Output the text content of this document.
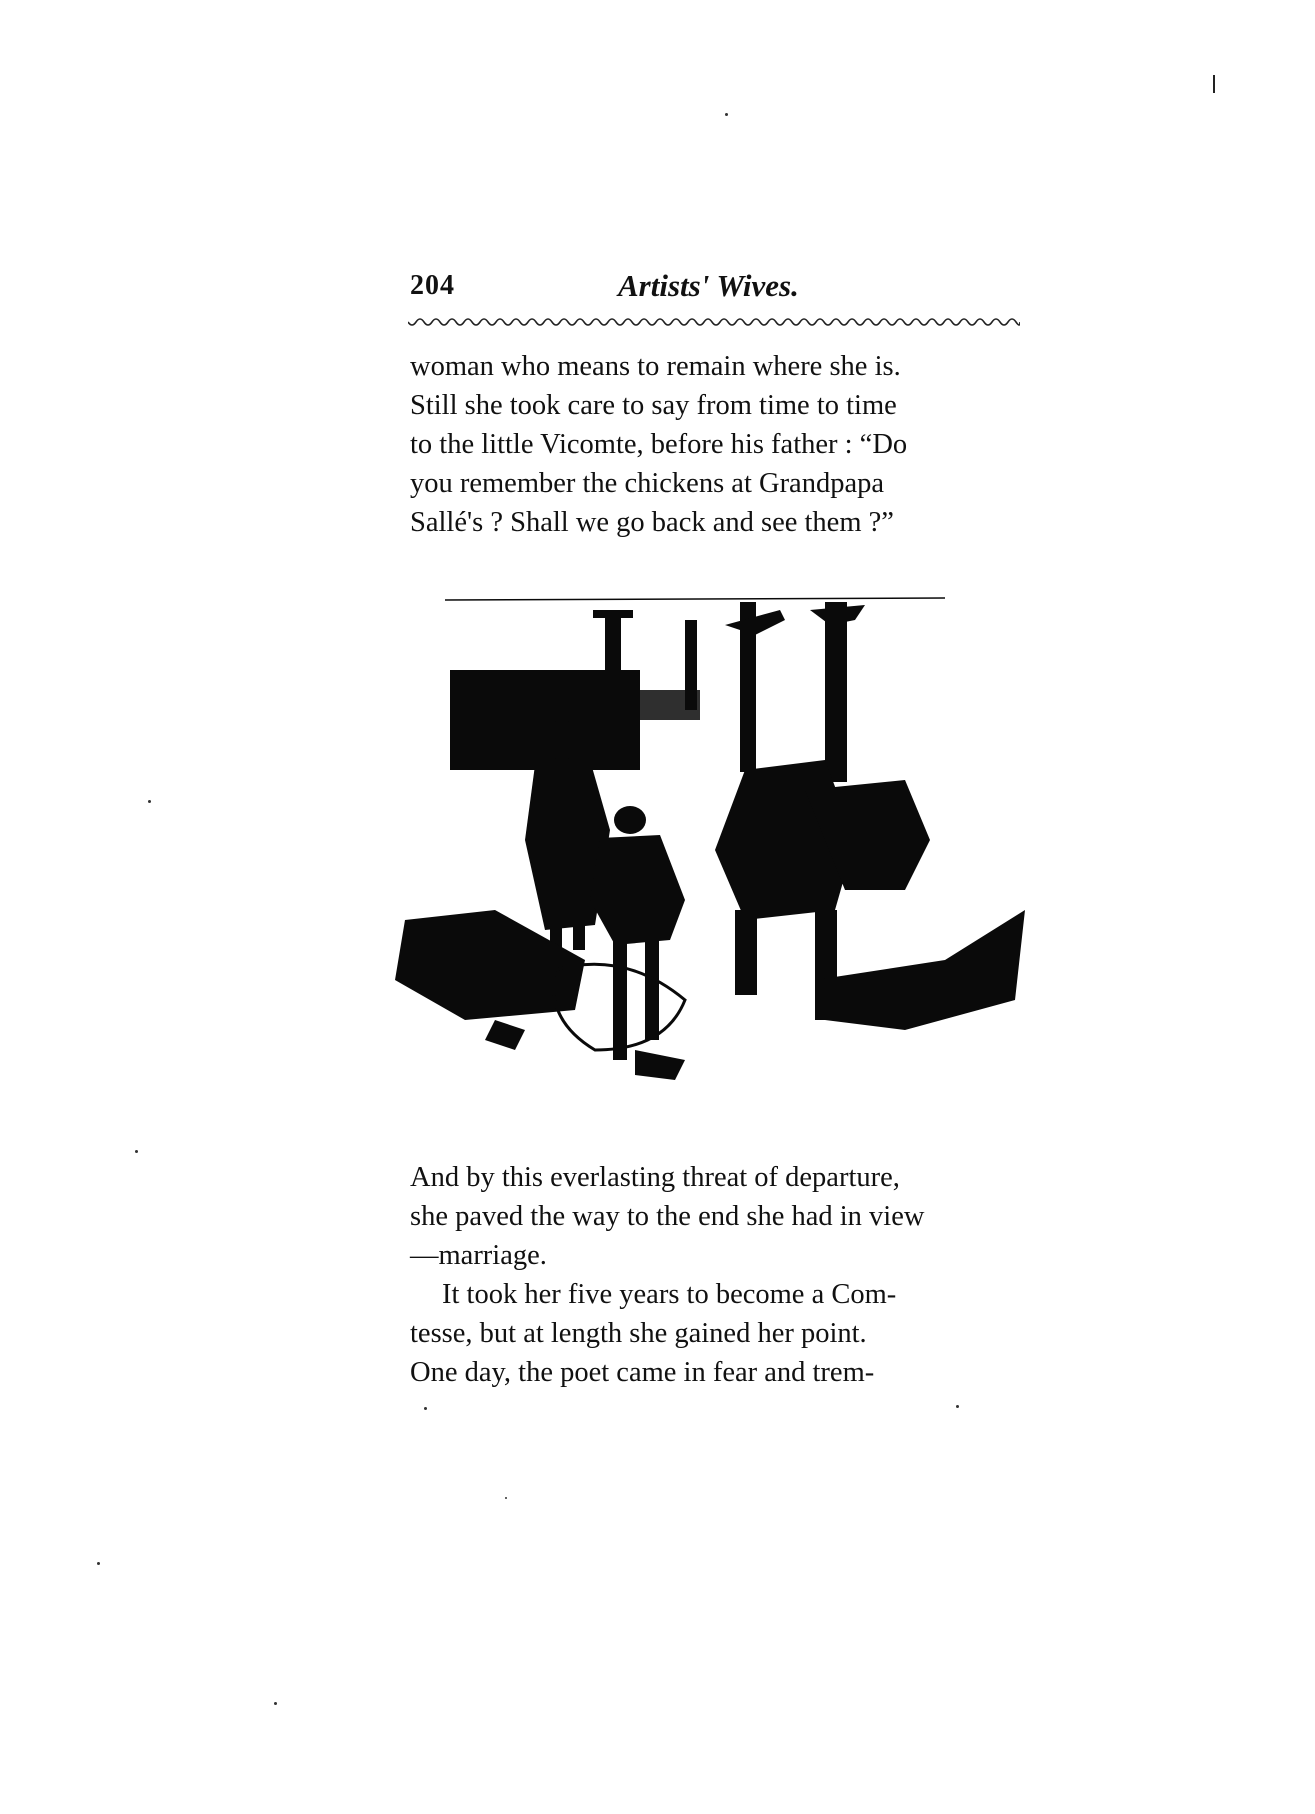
204	Artists' Wives.

woman who means to remain where she is.

Still she took care to say from time to time

to the little Vicomte, before his father : “Do

you remember the chickens at Grandpapa

Sallé's ? Shall we go back and see them ?”

And by this everlasting threat of departure,

she paved the way to the end she had in view

—marriage.

It took her five years to become a Com-

tesse, but at length she gained her point.

One day, the poet came in fear and trem-
